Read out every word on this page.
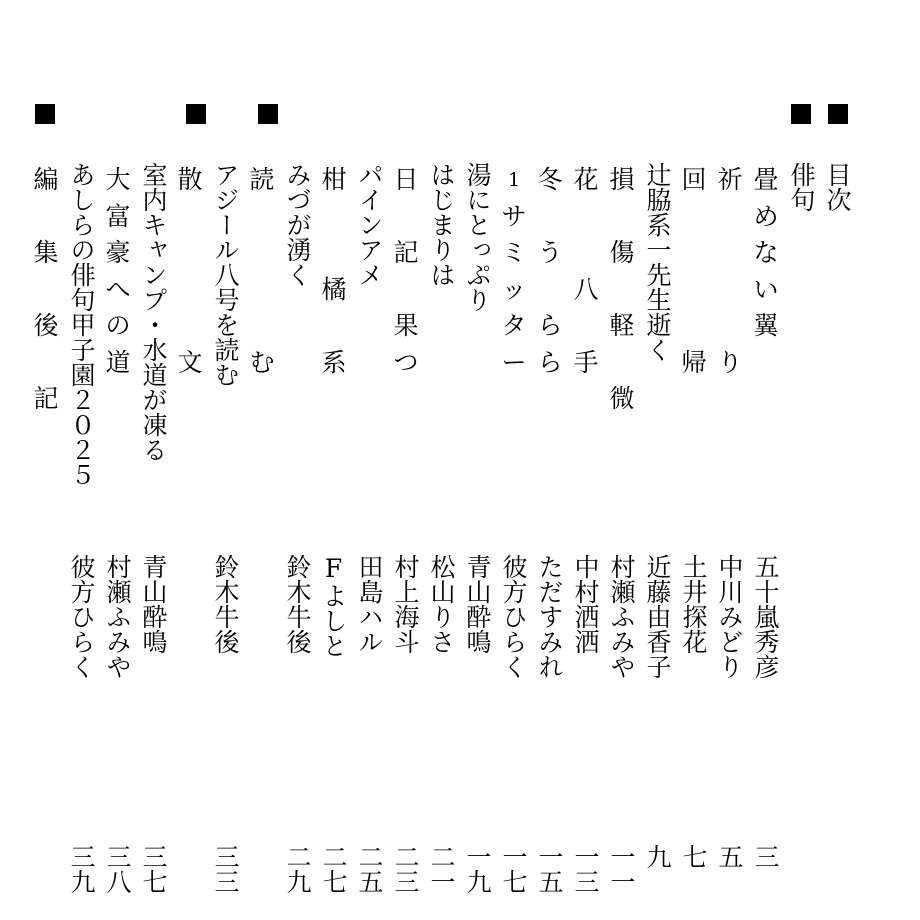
目次
俳句
五十嵐秀彦
三
畳
め
な
い
翼
中川みどり
五
祈
り
土井探花
七
回
帰
近藤由香子
九
辻脇系一先生逝く
村瀬ふみや
一一
損
傷
軽
微
中村洒洒
一三
花
八
手
ただすみれ
一五
冬
う
ら
ら
彼方ひらく
一七
1
サ
ミ
ッ
タ
ー
青山酔鳴
一九
湯にとっぷり
松山りさ
二一
はじまりは
村上海斗
二三
日
記
果
つ
田島ハル
二五
パインアメ
Fよしと
二七
柑
橘
系
鈴木牛後
二九
みづが湧く
読
む
アジール八号を読む
鈴木牛後
三三
散
文
室内キャンプ・水道が凍る
青山酔鳴
三七
大
富
豪
へ
の
道
村瀬ふみや
三八
あしらの俳句甲子園２０２５
彼方ひらく
三九
編
集
後
記
